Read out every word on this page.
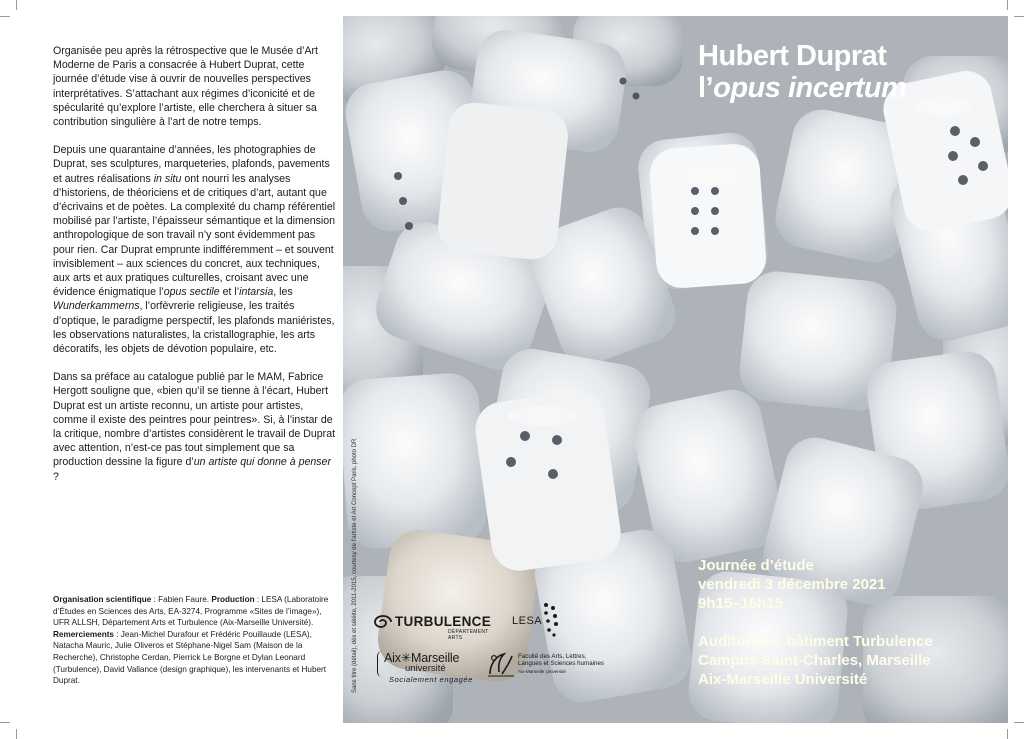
Organisée peu après la rétrospective que le Musée d’Art Moderne de Paris a consacrée à Hubert Duprat, cette journée d’étude vise à ouvrir de nouvelles perspectives interprétatives. S’attachant aux régimes d’iconicité et de spécularité qu’explore l’artiste, elle cherchera à situer sa contribution singulière à l’art de notre temps.

Depuis une quarantaine d’années, les photographies de Duprat, ses sculptures, marqueteries, plafonds, pavements et autres réalisations in situ ont nourri les analyses d’historiens, de théoriciens et de critiques d’art, autant que d’écrivains et de poètes. La complexité du champ référentiel mobilisé par l’artiste, l’épaisseur sémantique et la dimension anthropologique de son travail n’y sont évidemment pas pour rien. Car Duprat emprunte indifféremment – et souvent invisiblement – aux sciences du concret, aux techniques, aux arts et aux pratiques culturelles, croisant avec une évidence énigmatique l’opus sectile et l’intarsia, les Wunderkammerns, l’orfèvrerie religieuse, les traités d’optique, le paradigme perspectif, les plafonds maniéristes, les observations naturalistes, la cristallographie, les arts décoratifs, les objets de dévotion populaire, etc.

Dans sa préface au catalogue publié par le MAM, Fabrice Hergott souligne que, «bien qu’il se tienne à l’écart, Hubert Duprat est un artiste reconnu, un artiste pour artistes, comme il existe des peintres pour peintres». Si, à l’instar de la critique, nombre d’artistes considèrent le travail de Duprat avec attention, n’est-ce pas tout simplement que sa production dessine la figure d’un artiste qui donne à penser ?

Organisation scientifique : Fabien Faure. Production : LESA (Laboratoire d’Études en Sciences des Arts, EA-3274, Programme «Sites de l’image»), UFR ALLSH, Département Arts et Turbulence (Aix-Marseille Université). Remerciements : Jean-Michel Durafour et Frédéric Pouillaude (LESA), Natacha Mauric, Julie Oliveros et Stéphane-Nigel Sam (Maison de la Recherche), Christophe Cerdan, Pierrick Le Borgne et Dylan Leonard (Turbulence), David Vallance (design graphique), les intervenants et Hubert Duprat.
Hubert Duprat
l’opus incertum
Journée d’étude
vendredi 3 décembre 2021
9h15–16h15
Auditorium, bâtiment Turbulence
Campus Saint-Charles, Marseille
Aix-Marseille Université
Sans titre (détail), dés et séléite, 2011-2015, courtesy de l’artiste et Art Concept Paris, photo DR	TURBULENCE
DÉPARTEMENT ARTS
LESA
Aix✳Marseille
université
Socialement engagée
Faculté des Arts, Lettres,
Langues et Sciences humaines
Aix-Marseille Université
